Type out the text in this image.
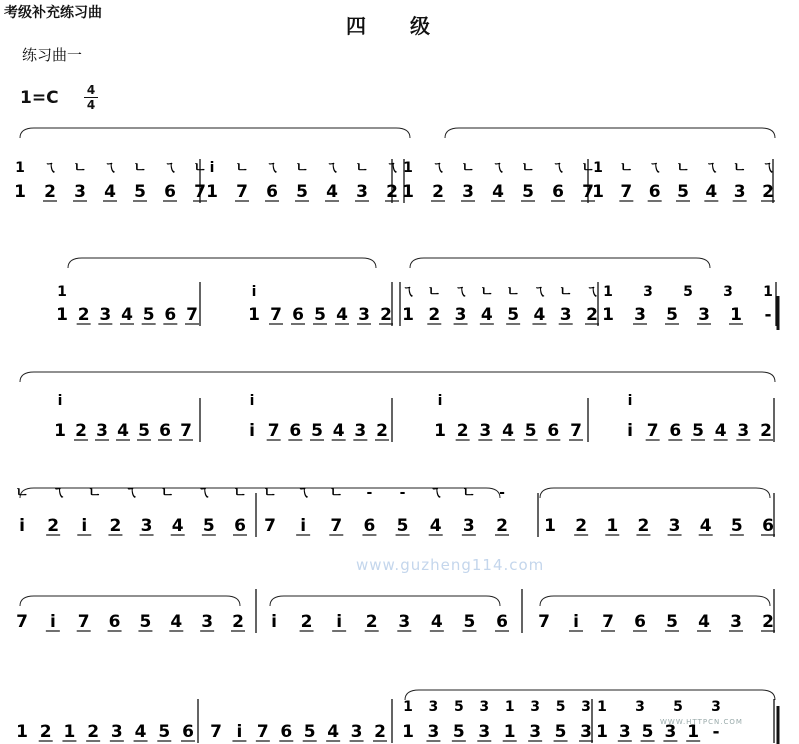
考级补充练习曲
四级
练习曲一
1=C 4
4
1 2 3 4 5 6 7
1 ㄟ ㄴ ㄟ ㄴ ㄟ ㄴ
1 7 6 5 4 3 2
i ㄴ ㄟ ㄴ ㄟ ㄴ ㄟ
1 2 3 4 5 6 7
1 ㄟ ㄴ ㄟ ㄴ ㄟ ㄴ
1 7 6 5 4 3 2
1 ㄴ ㄟ ㄴ ㄟ ㄴ ㄟ
1 2 3 4 5 6 7
1
1 7 6 5 4 3 2
i
1 2 3 4 5 4 3 2
ㄟ ㄴ ㄟ ㄴ ㄴ ㄟ ㄴ ㄟ
1 3 5 3 1 -
1 3 5 3 1
1 2 3 4 5 6 7
i
i 7 6 5 4 3 2
i
1 2 3 4 5 6 7
i
i 7 6 5 4 3 2
i
i 2 i 2 3 4 5 6
ㄴ ㄟ ㄴ ㄟ ㄴ ㄟ ㄴ
7 i 7 6 5 4 3 2
ㄴ ㄟ ㄴ - - ㄟ ㄴ -
1 2 1 2 3 4 5 6
7 i 7 6 5 4 3 2 i 2 i 2 3 4 5 6 7 i 7 6 5 4 3 2
1 2 1 2 3 4 5 6 7 i 7 6 5 4 3 2 1 3 5 3 1 3 5 3
1 3 5 3 1 3 5 3
1 3 5 3 1 -
1 3 5 3
www.guzheng114.com
WWW.HTTPCN.COM
